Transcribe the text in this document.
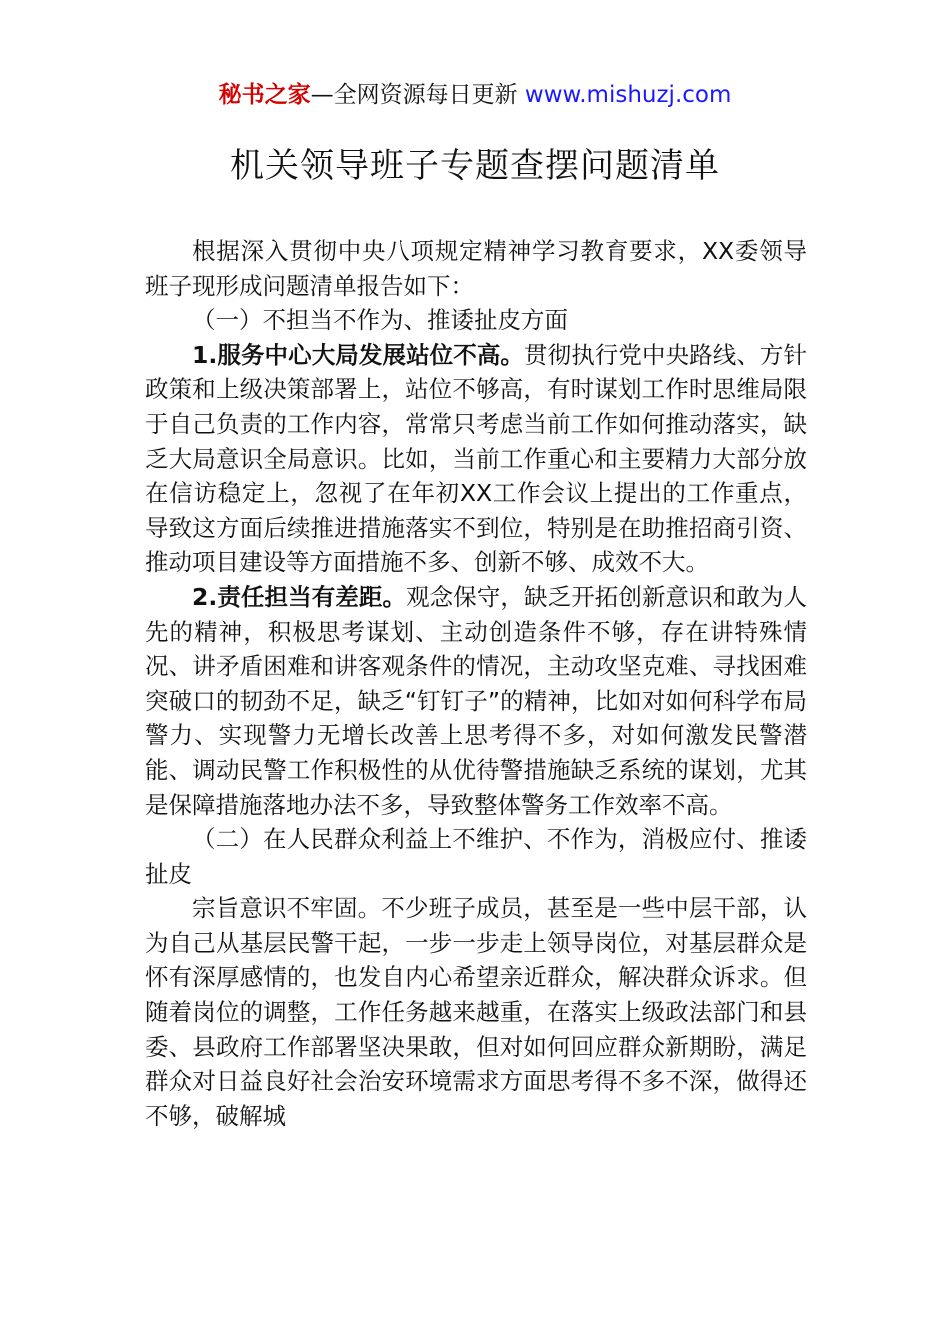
秘书之家—全网资源每日更新 www.mishuzj.com
机关领导班子专题查摆问题清单

根据深入贯彻中央八项规定精神学习教育要求，XX委领导班子现形成问题清单报告如下：

（一）不担当不作为、推诿扯皮方面

1.服务中心大局发展站位不高。贯彻执行党中央路线、方针政策和上级决策部署上，站位不够高，有时谋划工作时思维局限于自己负责的工作内容，常常只考虑当前工作如何推动落实，缺乏大局意识全局意识。比如，当前工作重心和主要精力大部分放在信访稳定上，忽视了在年初XX工作会议上提出的工作重点，导致这方面后续推进措施落实不到位，特别是在助推招商引资、推动项目建设等方面措施不多、创新不够、成效不大。

2.责任担当有差距。观念保守，缺乏开拓创新意识和敢为人先的精神，积极思考谋划、主动创造条件不够，存在讲特殊情况、讲矛盾困难和讲客观条件的情况，主动攻坚克难、寻找困难突破口的韧劲不足，缺乏“钉钉子”的精神，比如对如何科学布局警力、实现警力无增长改善上思考得不多，对如何激发民警潜能、调动民警工作积极性的从优待警措施缺乏系统的谋划，尤其是保障措施落地办法不多，导致整体警务工作效率不高。

（二）在人民群众利益上不维护、不作为，消极应付、推诿扯皮

宗旨意识不牢固。不少班子成员，甚至是一些中层干部，认为自己从基层民警干起，一步一步走上领导岗位，对基层群众是怀有深厚感情的，也发自内心希望亲近群众，解决群众诉求。但随着岗位的调整，工作任务越来越重，在落实上级政法部门和县委、县政府工作部署坚决果敢，但对如何回应群众新期盼，满足群众对日益良好社会治安环境需求方面思考得不多不深，做得还不够，破解城
